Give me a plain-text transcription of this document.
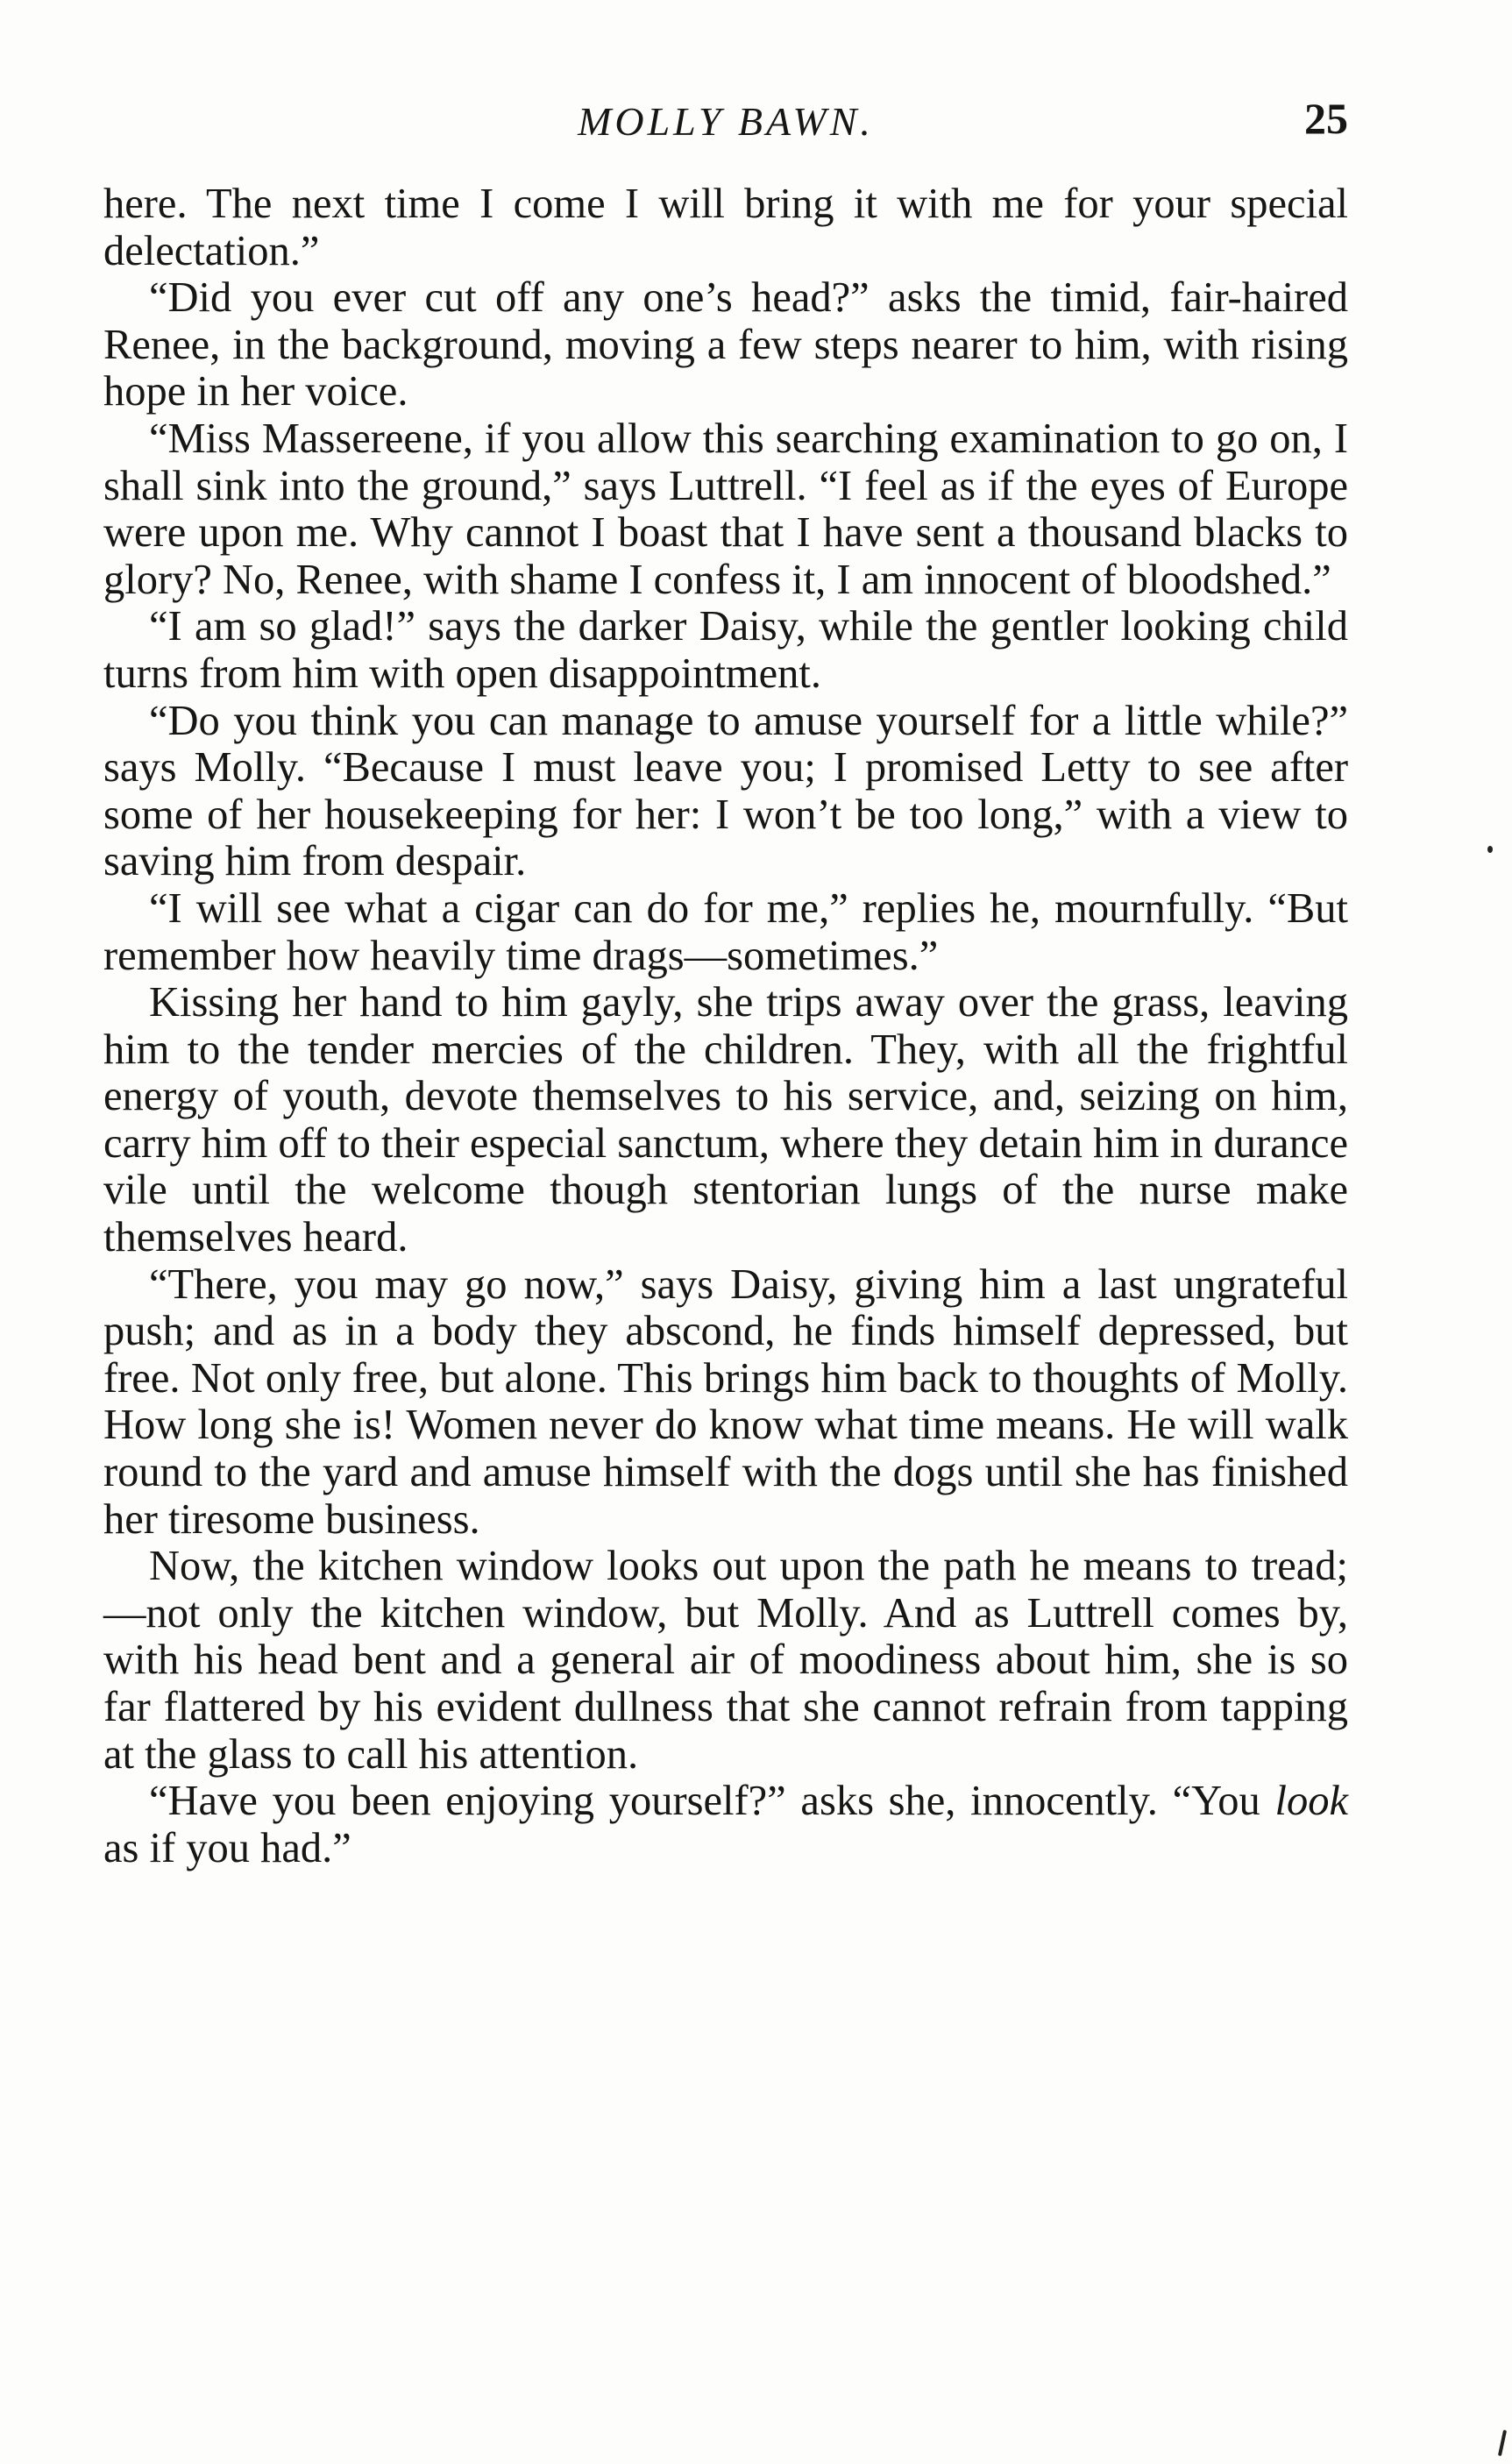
MOLLY BAWN.	25

here. The next time I come I will bring it with me for your special delectation.”

“Did you ever cut off any one’s head?” asks the timid, fair-haired Renee, in the background, moving a few steps nearer to him, with rising hope in her voice.

“Miss Massereene, if you allow this searching examination to go on, I shall sink into the ground,” says Luttrell. “I feel as if the eyes of Europe were upon me. Why cannot I boast that I have sent a thousand blacks to glory? No, Renee, with shame I confess it, I am innocent of bloodshed.”

“I am so glad!” says the darker Daisy, while the gentler looking child turns from him with open disappointment.

“Do you think you can manage to amuse yourself for a little while?” says Molly. “Because I must leave you; I promised Letty to see after some of her housekeeping for her: I won’t be too long,” with a view to saving him from despair.

“I will see what a cigar can do for me,” replies he, mournfully. “But remember how heavily time drags—sometimes.”

Kissing her hand to him gayly, she trips away over the grass, leaving him to the tender mercies of the children. They, with all the frightful energy of youth, devote themselves to his service, and, seizing on him, carry him off to their especial sanctum, where they detain him in durance vile until the welcome though stentorian lungs of the nurse make themselves heard.

“There, you may go now,” says Daisy, giving him a last ungrateful push; and as in a body they abscond, he finds himself depressed, but free. Not only free, but alone. This brings him back to thoughts of Molly. How long she is! Women never do know what time means. He will walk round to the yard and amuse himself with the dogs until she has finished her tiresome business.

Now, the kitchen window looks out upon the path he means to tread;—not only the kitchen window, but Molly. And as Luttrell comes by, with his head bent and a general air of moodiness about him, she is so far flattered by his evident dullness that she cannot refrain from tapping at the glass to call his attention.

“Have you been enjoying yourself?” asks she, innocently. “You look as if you had.”
